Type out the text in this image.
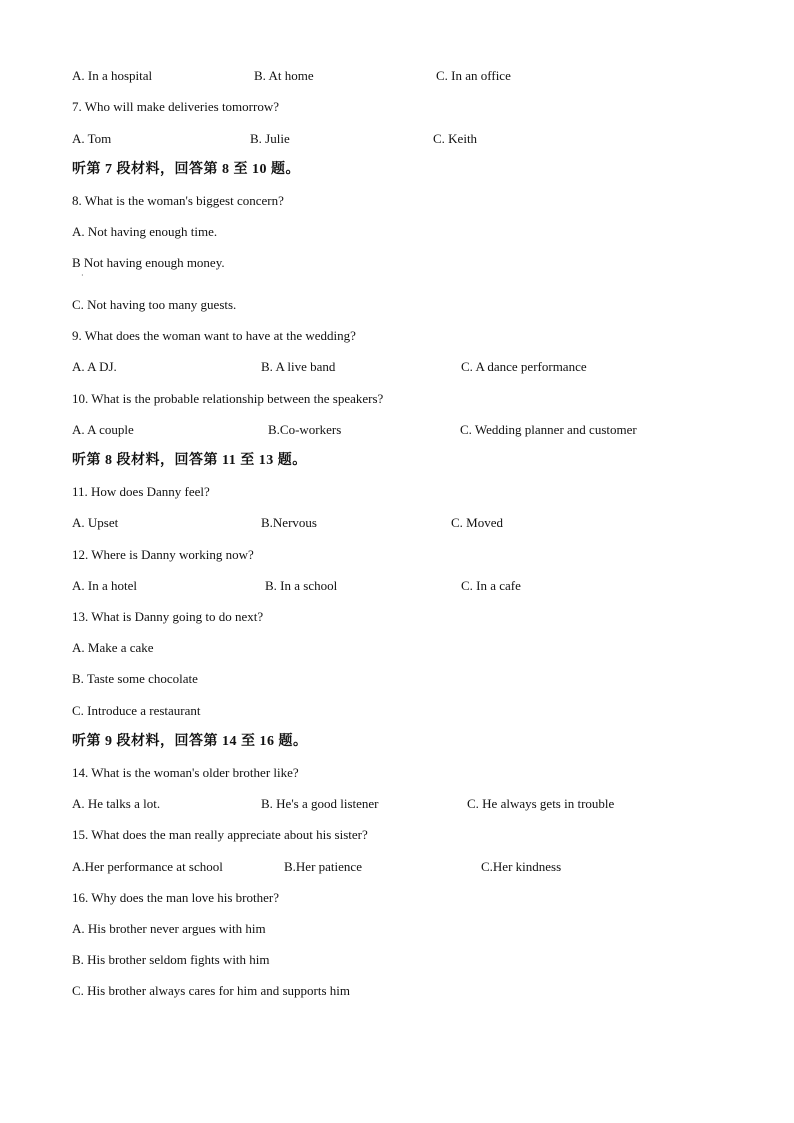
A. In a hospital	B. At home	C. In an office
7. Who will make deliveries tomorrow?
A. Tom	B. Julie	C. Keith
听第 7 段材料，回答第 8 至 10 题。
8. What is the woman's biggest concern?
A. Not having enough time.
B Not having enough money.
·
C. Not having too many guests.
9. What does the woman want to have at the wedding?
A. A DJ.	B. A live band	C. A dance performance
10. What is the probable relationship between the speakers?
A. A couple	B.Co-workers	C. Wedding planner and customer
听第 8 段材料，回答第 11 至 13 题。
11. How does Danny feel?
A. Upset	B.Nervous	C. Moved
12. Where is Danny working now?
A. In a hotel	B. In a school	C. In a cafe
13. What is Danny going to do next?
A. Make a cake
B. Taste some chocolate
C. Introduce a restaurant
听第 9 段材料，回答第 14 至 16 题。
14. What is the woman's older brother like?
A. He talks a lot.	B. He's a good listener	C. He always gets in trouble
15. What does the man really appreciate about his sister?
A.Her performance at school	B.Her patience	C.Her kindness
16. Why does the man love his brother?
A. His brother never argues with him
B. His brother seldom fights with him
C. His brother always cares for him and supports him
